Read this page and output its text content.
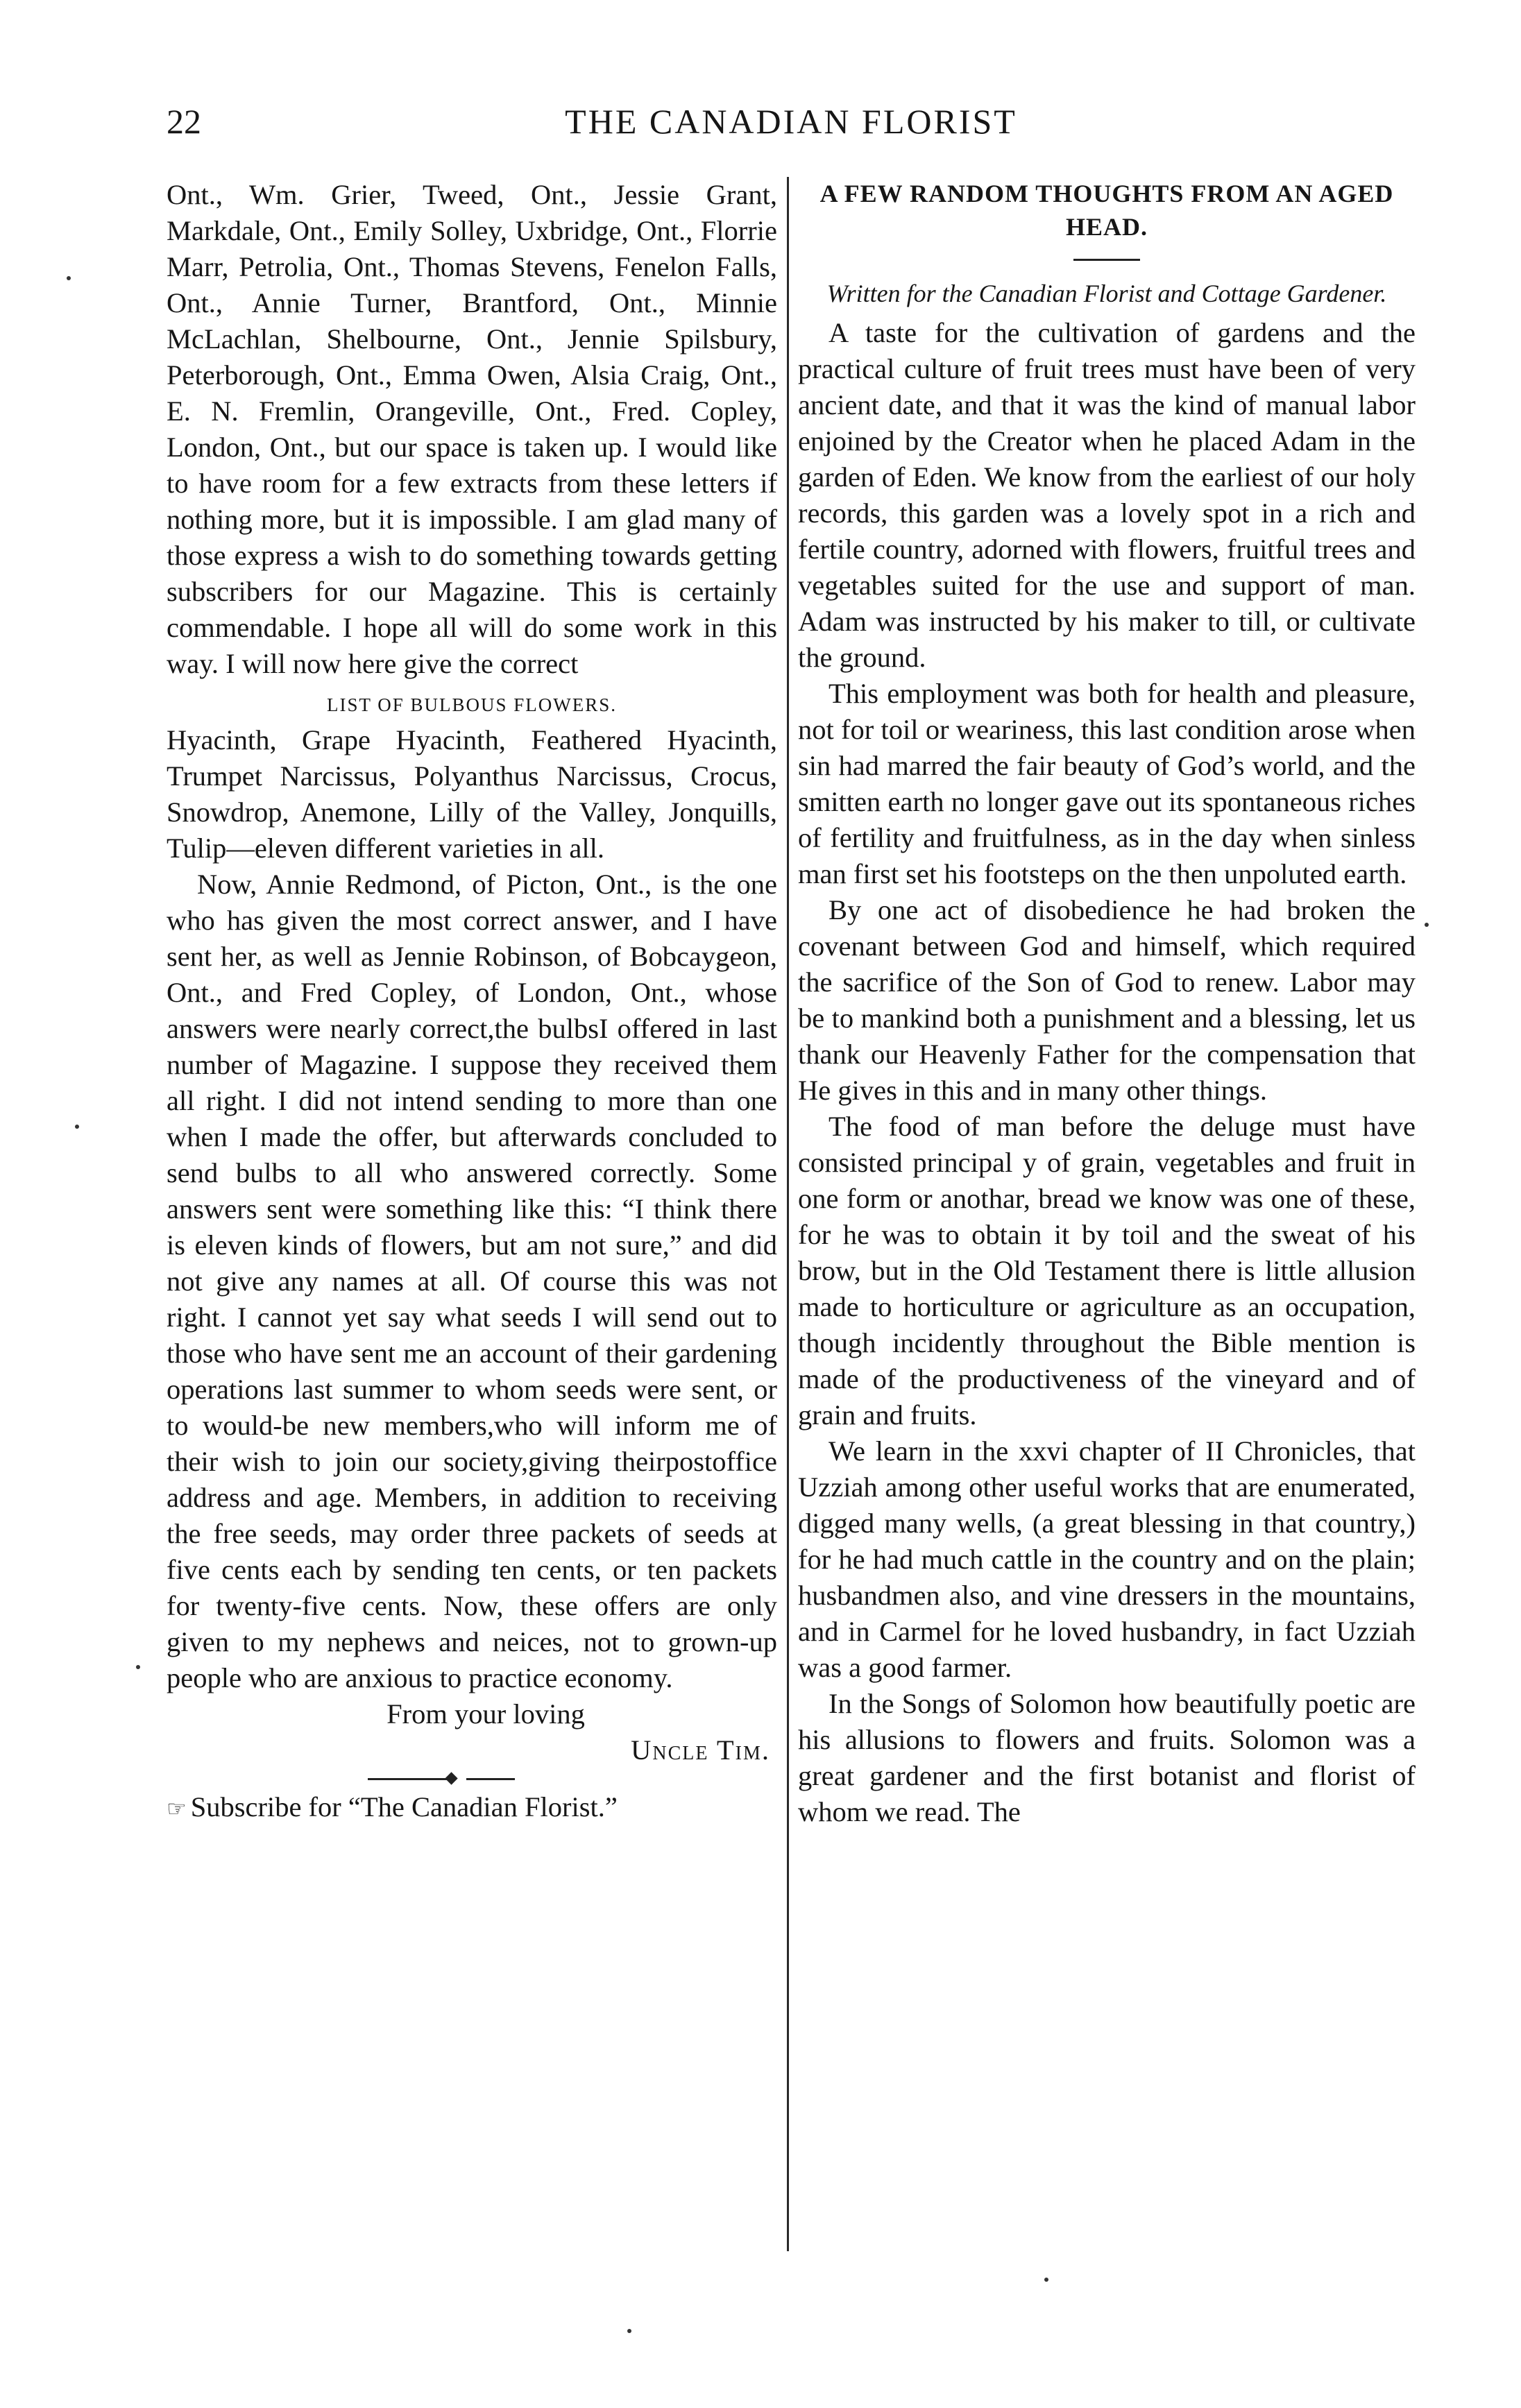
22	THE CANADIAN FLORIST

Ont., Wm. Grier, Tweed, Ont., Jessie Grant, Markdale, Ont., Emily Solley, Uxbridge, Ont., Florrie Marr, Petrolia, Ont., Thomas Stevens, Fenelon Falls, Ont., Annie Turner, Brantford, Ont., Minnie McLachlan, Shelbourne, Ont., Jennie Spilsbury, Peterborough, Ont., Emma Owen, Alsia Craig, Ont., E. N. Fremlin, Orangeville, Ont., Fred. Copley, London, Ont., but our space is taken up. I would like to have room for a few extracts from these letters if nothing more, but it is impossible. I am glad many of those express a wish to do something towards getting subscribers for our Magazine. This is certainly commendable. I hope all will do some work in this way. I will now here give the correct

LIST OF BULBOUS FLOWERS.

Hyacinth, Grape Hyacinth, Feathered Hyacinth, Trumpet Narcissus, Polyanthus Narcissus, Crocus, Snowdrop, Anemone, Lilly of the Valley, Jonquills, Tulip—eleven different varieties in all.

Now, Annie Redmond, of Picton, Ont., is the one who has given the most correct answer, and I have sent her, as well as Jennie Robinson, of Bobcaygeon, Ont., and Fred Copley, of London, Ont., whose answers were nearly correct,the bulbsI offered in last number of Magazine. I suppose they received them all right. I did not intend sending to more than one when I made the offer, but afterwards concluded to send bulbs to all who answered correctly. Some answers sent were something like this: “I think there is eleven kinds of flowers, but am not sure,” and did not give any names at all. Of course this was not right. I cannot yet say what seeds I will send out to those who have sent me an account of their gardening operations last summer to whom seeds were sent, or to would-be new members,who will inform me of their wish to join our society,giving theirpostoffice address and age. Members, in addition to receiving the free seeds, may order three packets of seeds at five cents each by sending ten cents, or ten packets for twenty-five cents. Now, these offers are only given to my nephews and neices, not to grown-up people who are anxious to practice economy.

From your loving
Uncle Tim.
☞ Subscribe for “The Canadian Florist.”
A FEW RANDOM THOUGHTS FROM AN AGED HEAD.
Written for the Canadian Florist and Cottage Gardener.

A taste for the cultivation of gardens and the practical culture of fruit trees must have been of very ancient date, and that it was the kind of manual labor enjoined by the Creator when he placed Adam in the garden of Eden. We know from the earliest of our holy records, this garden was a lovely spot in a rich and fertile country, adorned with flowers, fruitful trees and vegetables suited for the use and support of man. Adam was instructed by his maker to till, or cultivate the ground.

This employment was both for health and pleasure, not for toil or weariness, this last condition arose when sin had marred the fair beauty of God’s world, and the smitten earth no longer gave out its spontaneous riches of fertility and fruitfulness, as in the day when sinless man first set his footsteps on the then unpoluted earth.

By one act of disobedience he had broken the covenant between God and himself, which required the sacrifice of the Son of God to renew. Labor may be to mankind both a punishment and a blessing, let us thank our Heavenly Father for the compensation that He gives in this and in many other things.

The food of man before the deluge must have consisted principal y of grain, vegetables and fruit in one form or anothar, bread we know was one of these, for he was to obtain it by toil and the sweat of his brow, but in the Old Testament there is little allusion made to horticulture or agriculture as an occupation, though incidently throughout the Bible mention is made of the productiveness of the vineyard and of grain and fruits.

We learn in the xxvi chapter of II Chronicles, that Uzziah among other useful works that are enumerated, digged many wells, (a great blessing in that country,) for he had much cattle in the country and on the plain; husbandmen also, and vine dressers in the mountains, and in Carmel for he loved husbandry, in fact Uzziah was a good farmer.

In the Songs of Solomon how beautifully poetic are his allusions to flowers and fruits. Solomon was a great gardener and the first botanist and florist of whom we read. The
